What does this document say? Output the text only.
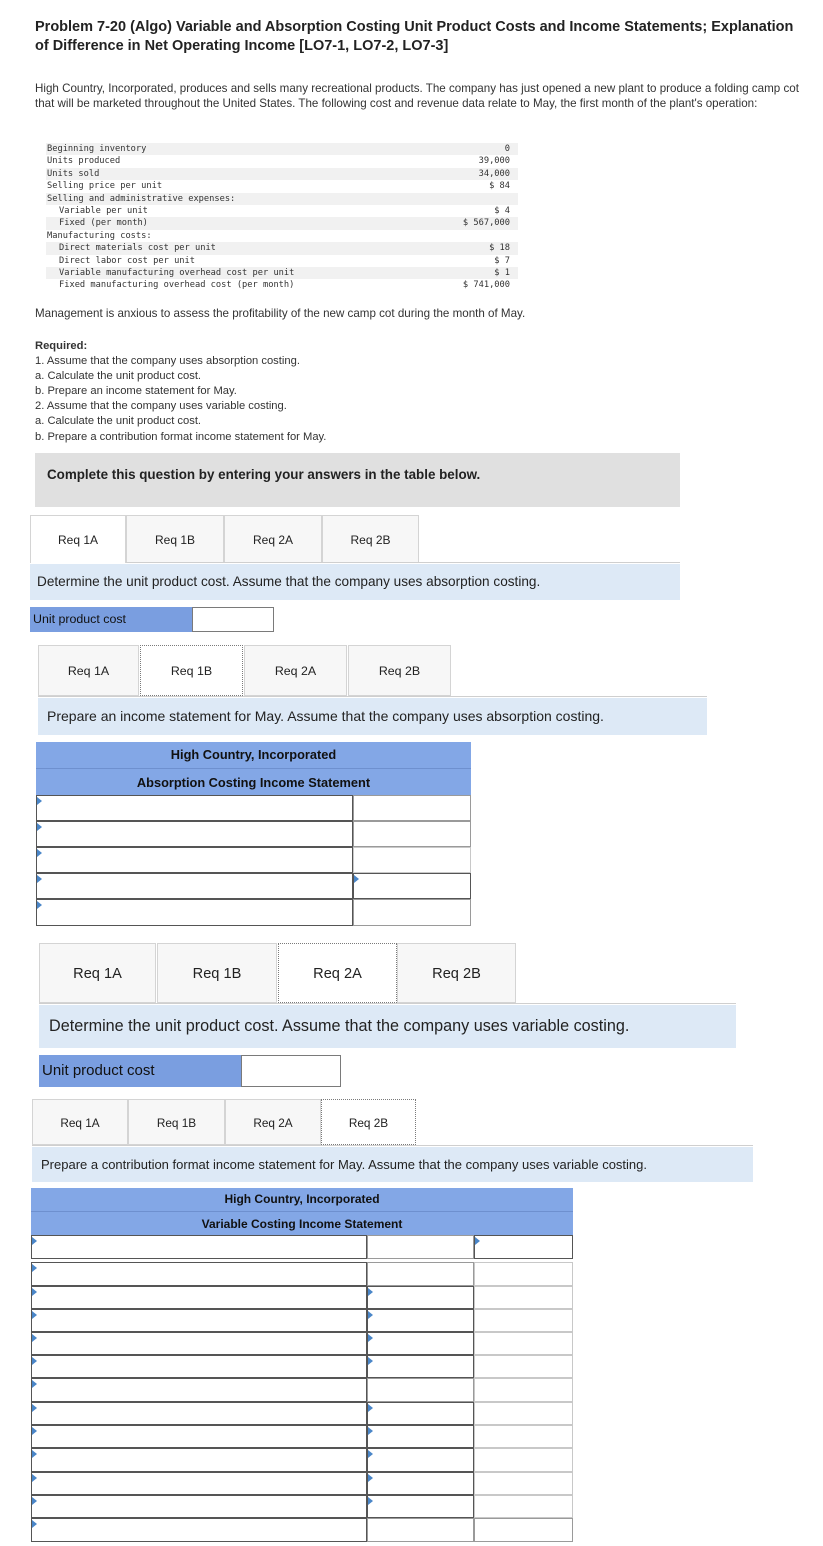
Problem 7-20 (Algo) Variable and Absorption Costing Unit Product Costs and Income Statements; Explanation of Difference in Net Operating Income [LO7-1, LO7-2, LO7-3]

High Country, Incorporated, produces and sells many recreational products. The company has just opened a new plant to produce a folding camp cot that will be marketed throughout the United States. The following cost and revenue data relate to May, the first month of the plant's operation:

Beginning inventory	0
Units produced	39,000
Units sold	34,000
Selling price per unit	$ 84
Selling and administrative expenses:
Variable per unit	$ 4
Fixed (per month)	$ 567,000
Manufacturing costs:
Direct materials cost per unit	$ 18
Direct labor cost per unit	$ 7
Variable manufacturing overhead cost per unit	$ 1
Fixed manufacturing overhead cost (per month)	$ 741,000

Management is anxious to assess the profitability of the new camp cot during the month of May.

Required:
1. Assume that the company uses absorption costing.
a. Calculate the unit product cost.
b. Prepare an income statement for May.
2. Assume that the company uses variable costing.
a. Calculate the unit product cost.
b. Prepare a contribution format income statement for May.
Complete this question by entering your answers in the table below.
Req 1A	Req 1B	Req 2A	Req 2B
Determine the unit product cost. Assume that the company uses absorption costing.
Unit product cost
Req 1A	Req 1B	Req 2A	Req 2B
Prepare an income statement for May. Assume that the company uses absorption costing.
High Country, Incorporated
Absorption Costing Income Statement
Req 1A	Req 1B	Req 2A	Req 2B
Determine the unit product cost. Assume that the company uses variable costing.
Unit product cost
Req 1A	Req 1B	Req 2A	Req 2B
Prepare a contribution format income statement for May. Assume that the company uses variable costing.
High Country, Incorporated
Variable Costing Income Statement
